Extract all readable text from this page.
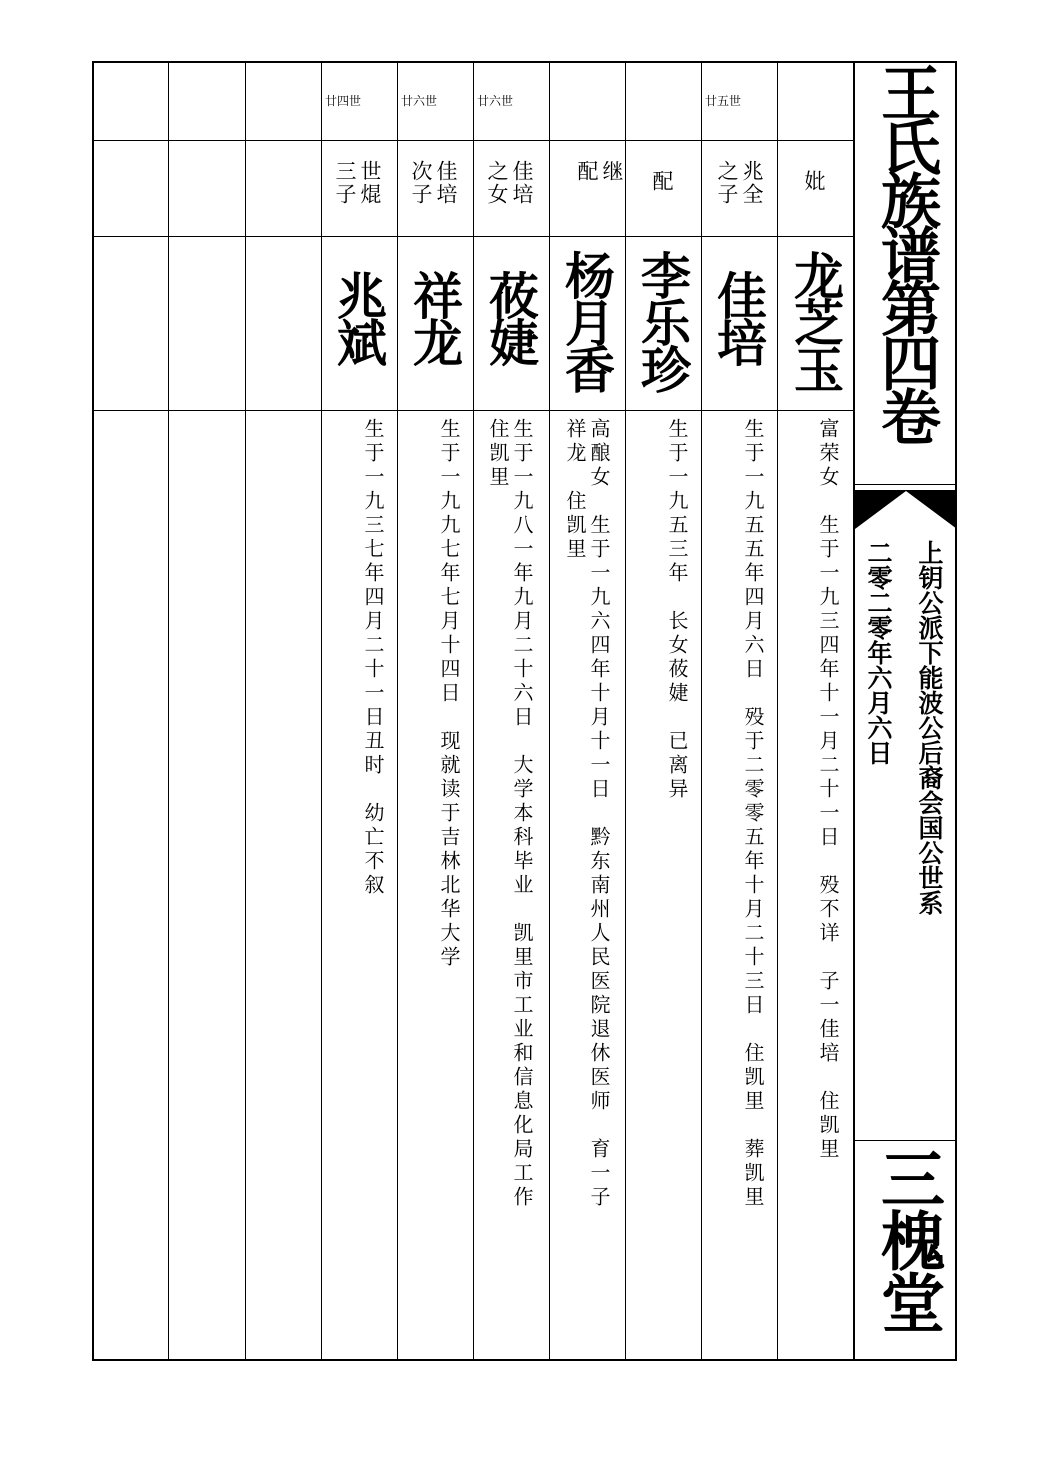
王氏族谱第四卷
上钥公派下能波公后裔会国公世系
二零二零年六月六日
三槐堂
妣
龙芝玉
富荣女　生于一九三四年十一月二十一日　殁不详　子一佳培　住凯里
廿五世
兆全
之子
佳培
生于一九五五年四月六日　殁于二零零五年十月二十三日　住凯里　葬凯里
配
李乐珍
生于一九五三年　长女莜婕　已离异
继
配
杨月香
高酿女　生于一九六四年十月十一日　黔东南州人民医院退休医师　育一子
祥龙　住凯里
廿六世
佳培
之女
莜婕
生于一九八一年九月二十六日　大学本科毕业　凯里市工业和信息化局工作
住凯里
廿六世
佳培
次子
祥龙
生于一九九七年七月十四日　现就读于吉林北华大学
廿四世
世焜
三子
兆斌
生于一九三七年四月二十一日丑时　幼亡不叙
